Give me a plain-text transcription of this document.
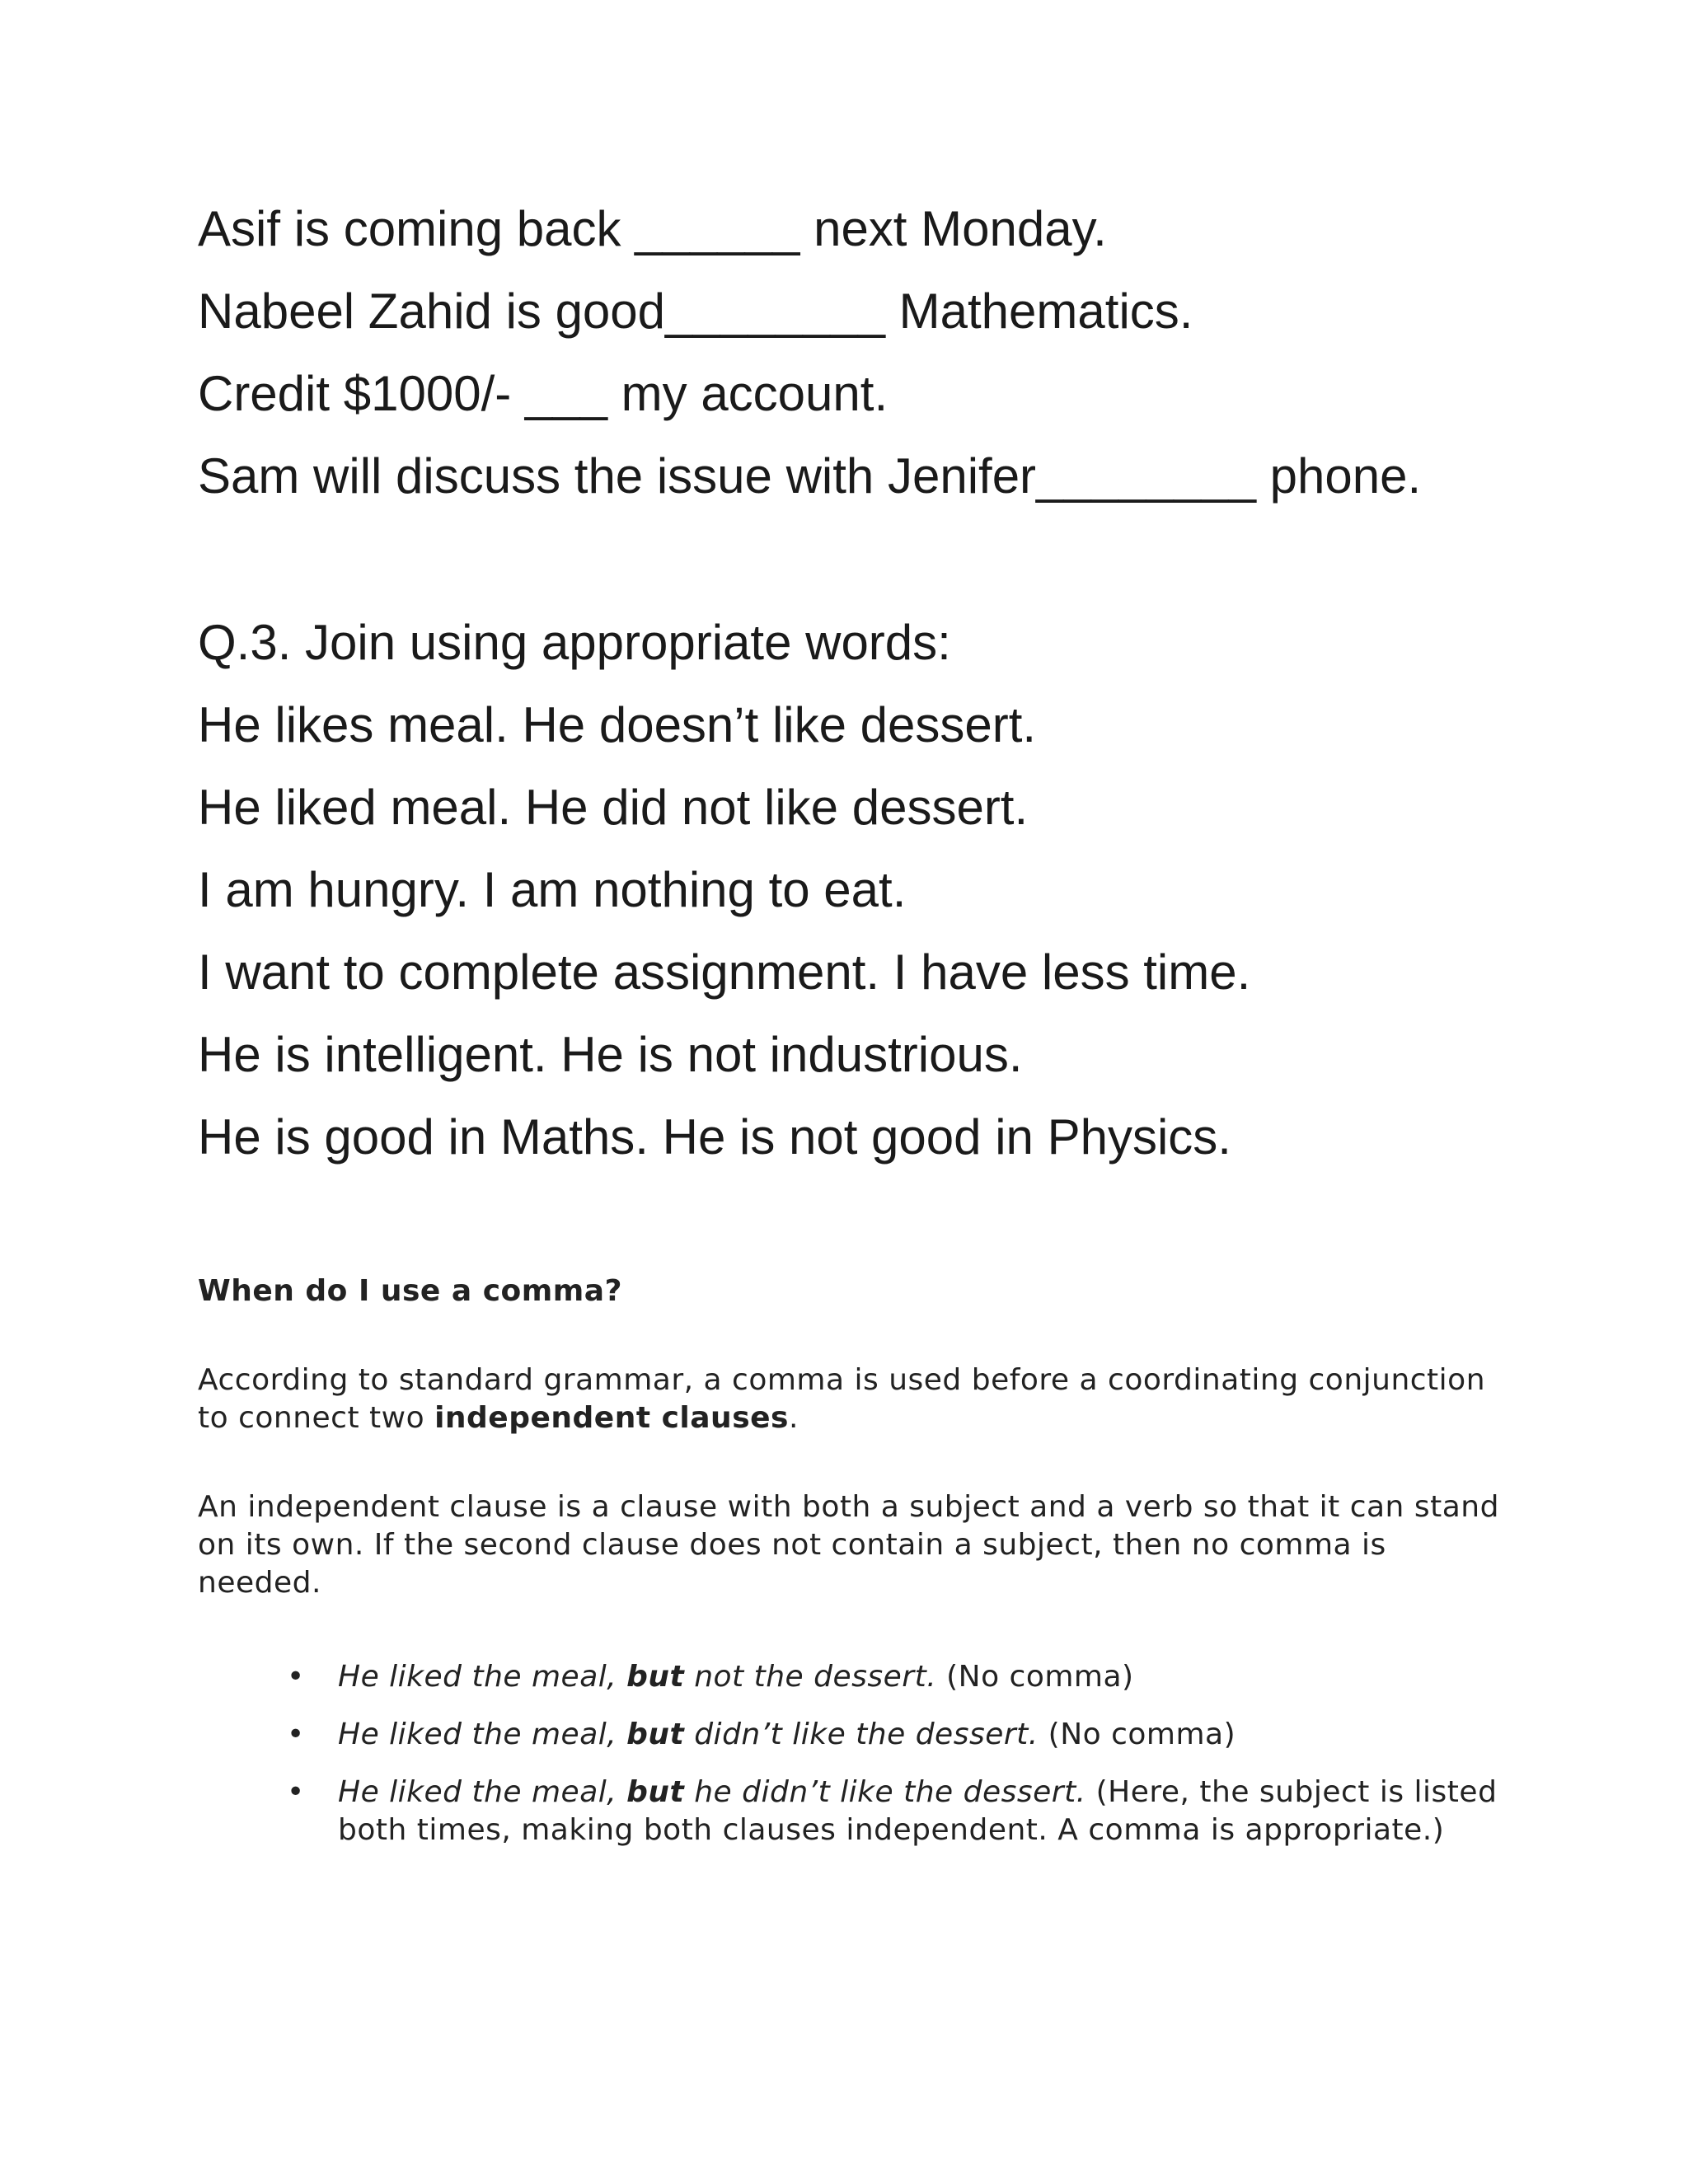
Asif is coming back ______ next Monday.

Nabeel Zahid is good________ Mathematics.

Credit $1000/- ___ my account.

Sam will discuss the issue with Jenifer________ phone.

Q.3. Join using appropriate words:

He likes meal. He doesn’t like dessert.

He liked meal. He did not like dessert.

I am hungry. I am nothing to eat.

I want to complete assignment. I have less time.

He is intelligent. He is not industrious.

He is good in Maths. He is not good in Physics.

When do I use a comma?

According to standard grammar, a comma is used before a coordinating conjunction to connect two independent clauses.

An independent clause is a clause with both a subject and a verb so that it can stand on its own. If the second clause does not contain a subject, then no comma is needed.

• He liked the meal, but not the dessert. (No comma)
• He liked the meal, but didn’t like the dessert. (No comma)
• He liked the meal, but he didn’t like the dessert. (Here, the subject is listed both times, making both clauses independent. A comma is appropriate.)
